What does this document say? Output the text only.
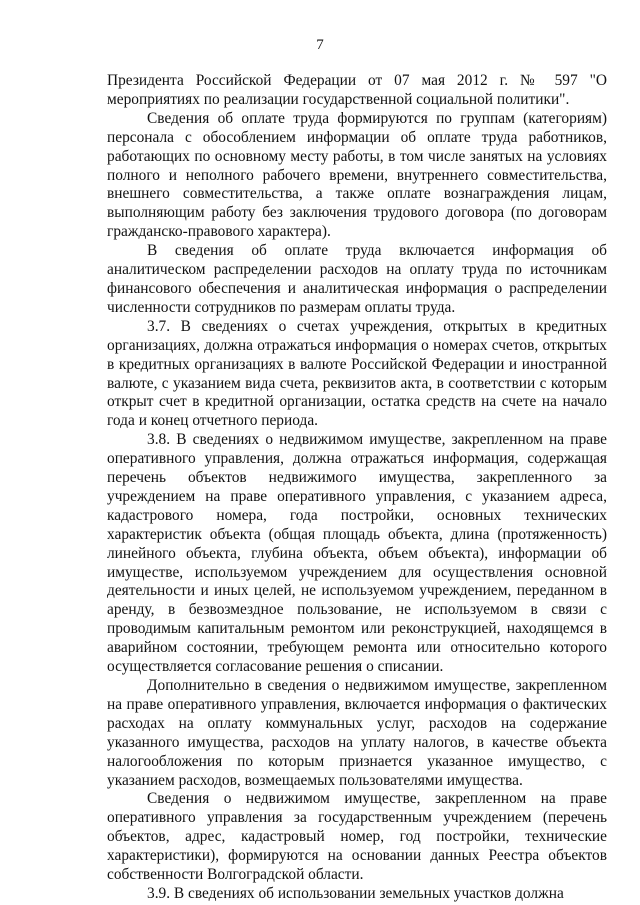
7

Президента Российской Федерации от 07 мая 2012 г. № 597 "О мероприятиях по реализации государственной социальной политики".

Сведения об оплате труда формируются по группам (категориям) персонала с обособлением информации об оплате труда работников, работающих по основному месту работы, в том числе занятых на условиях полного и неполного рабочего времени, внутреннего совместительства, внешнего совместительства, а также оплате вознаграждения лицам, выполняющим работу без заключения трудового договора (по договорам гражданско-правового характера).

В сведения об оплате труда включается информация об аналитическом распределении расходов на оплату труда по источникам финансового обеспечения и аналитическая информация о распределении численности сотрудников по размерам оплаты труда.

3.7. В сведениях о счетах учреждения, открытых в кредитных организациях, должна отражаться информация о номерах счетов, открытых в кредитных организациях в валюте Российской Федерации и иностранной валюте, с указанием вида счета, реквизитов акта, в соответствии с которым открыт счет в кредитной организации, остатка средств на счете на начало года и конец отчетного периода.

3.8. В сведениях о недвижимом имуществе, закрепленном на праве оперативного управления, должна отражаться информация, содержащая перечень объектов недвижимого имущества, закрепленного за учреждением на праве оперативного управления, с указанием адреса, кадастрового номера, года постройки, основных технических характеристик объекта (общая площадь объекта, длина (протяженность) линейного объекта, глубина объекта, объем объекта), информации об имуществе, используемом учреждением для осуществления основной деятельности и иных целей, не используемом учреждением, переданном в аренду, в безвозмездное пользование, не используемом в связи с проводимым капитальным ремонтом или реконструкцией, находящемся в аварийном состоянии, требующем ремонта или относительно которого осуществляется согласование решения о списании.

Дополнительно в сведения о недвижимом имуществе, закрепленном на праве оперативного управления, включается информация о фактических расходах на оплату коммунальных услуг, расходов на содержание указанного имущества, расходов на уплату налогов, в качестве объекта налогообложения по которым признается указанное имущество, с указанием расходов, возмещаемых пользователями имущества.

Сведения о недвижимом имуществе, закрепленном на праве оперативного управления за государственным учреждением (перечень объектов, адрес, кадастровый номер, год постройки, технические характеристики), формируются на основании данных Реестра объектов собственности Волгоградской области.

3.9. В сведениях об использовании земельных участков должна
